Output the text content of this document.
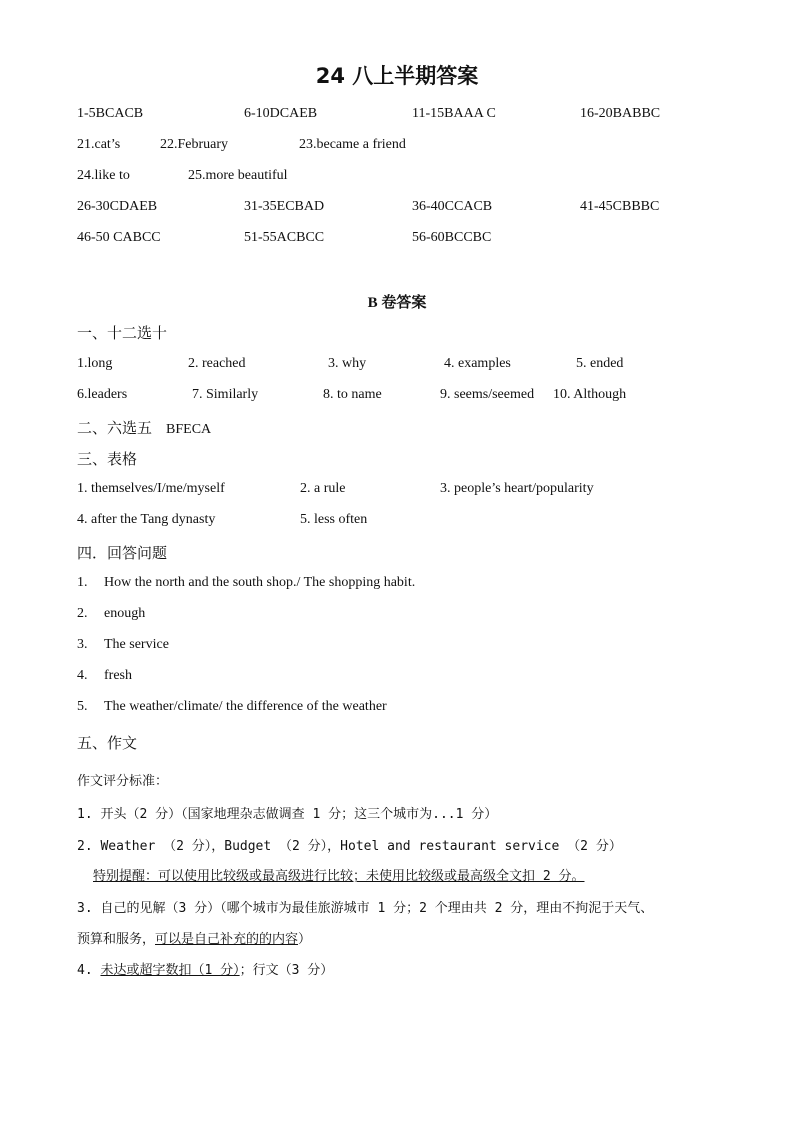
24 八上半期答案
1-5BCACB	6-10DCAEB	11-15BAAA C	16-20BABBC
21.cat’s	22.February	23.became a friend
24.like to	25.more beautiful
26-30CDAEB	31-35ECBAD	36-40CCACB	41-45CBBBC
46-50 CABCC	51-55ACBCC	56-60BCCBC
B 卷答案
一、十二选十
1.long	2. reached	3. why	4. examples	5. ended
6.leaders	7. Similarly	8. to name	9. seems/seemed 10. Although
二、六选五 BFECA
三、表格
1. themselves/I/me/myself	2. a rule	3. people’s heart/popularity
4. after the Tang dynasty	5. less often
四．回答问题
1. How the north and the south shop./ The shopping habit.
2. enough
3. The service
4. fresh
5. The weather/climate/ the difference of the weather
五、作文
作文评分标准：
1. 开头（2 分）（国家地理杂志做调查 1 分；这三个城市为...1 分）
2. Weather （2 分），Budget （2 分），Hotel and restaurant service （2 分）
特别提醒：可以使用比较级或最高级进行比较；未使用比较级或最高级全文扣 2 分。
3. 自己的见解（3 分）（哪个城市为最佳旅游城市 1 分；2 个理由共 2 分，理由不拘泥于天气、
预算和服务，可以是自己补充的的内容）
4. 未达或超字数扣（1 分）；行文（3 分）
